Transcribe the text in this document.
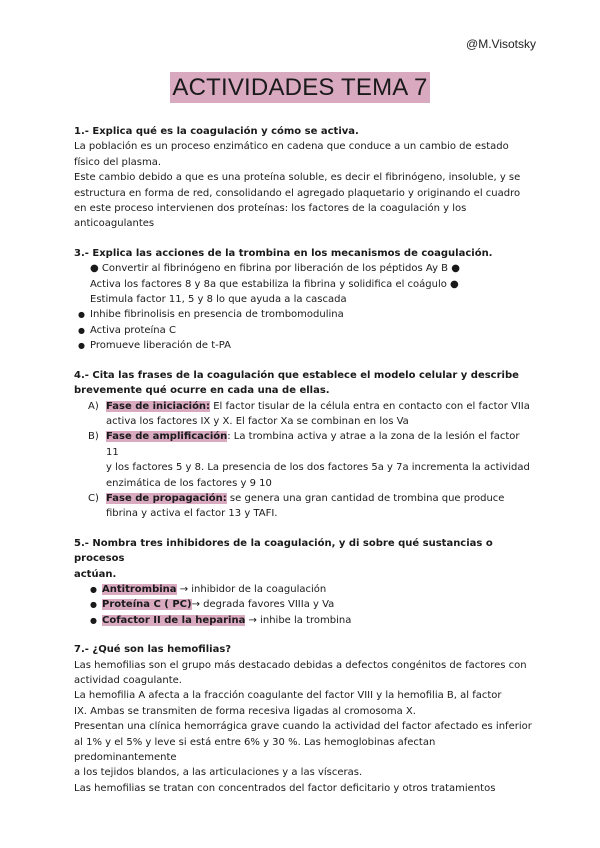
@M.Visotsky
ACTIVIDADES TEMA 7

1.- Explica qué es la coagulación y cómo se activa.

La población es un proceso enzimático en cadena que conduce a un cambio de estado

físico del plasma.

Este cambio debido a que es una proteína soluble, es decir el fibrinógeno, insoluble, y se

estructura en forma de red, consolidando el agregado plaquetario y originando el cuadro

en este proceso intervienen dos proteínas: los factores de la coagulación y los

anticoagulantes

3.- Explica las acciones de la trombina en los mecanismos de coagulación.

● Convertir al fibrinógeno en fibrina por liberación de los péptidos Ay B ●

Activa los factores 8 y 8a que estabiliza la fibrina y solidifica el coágulo ●

Estimula factor 11, 5 y 8 lo que ayuda a la cascada

● Inhibe fibrinolisis en presencia de trombomodulina
● Activa proteína C
● Promueve liberación de t-PA

4.- Cita las frases de la coagulación que establece el modelo celular y describe

brevemente qué ocurre en cada una de ellas.

A) Fase de iniciación: El factor tisular de la célula entra en contacto con el factor VIIa
activa los factores IX y X. El factor Xa se combinan en los Va
B) Fase de amplificación: La trombina activa y atrae a la zona de la lesión el factor 11
y los factores 5 y 8. La presencia de los dos factores 5a y 7a incrementa la actividad
enzimática de los factores y 9 10
C) Fase de propagación: se genera una gran cantidad de trombina que produce
fibrina y activa el factor 13 y TAFI.

5.- Nombra tres inhibidores de la coagulación, y di sobre qué sustancias o procesos

actúan.

● Antitrombina → inhibidor de la coagulación
● Proteína C ( PC)→ degrada favores VIIIa y Va
● Cofactor II de la heparina → inhibe la trombina

7.- ¿Qué son las hemofilias?

Las hemofilias son el grupo más destacado debidas a defectos congénitos de factores con

actividad coagulante.

La hemofilia A afecta a la fracción coagulante del factor VIII y la hemofilia B, al factor

IX. Ambas se transmiten de forma recesiva ligadas al cromosoma X.

Presentan una clínica hemorrágica grave cuando la actividad del factor afectado es inferior

al 1% y el 5% y leve si está entre 6% y 30 %. Las hemoglobinas afectan predominantemente

a los tejidos blandos, a las articulaciones y a las vísceras.

Las hemofilias se tratan con concentrados del factor deficitario y otros tratamientos
